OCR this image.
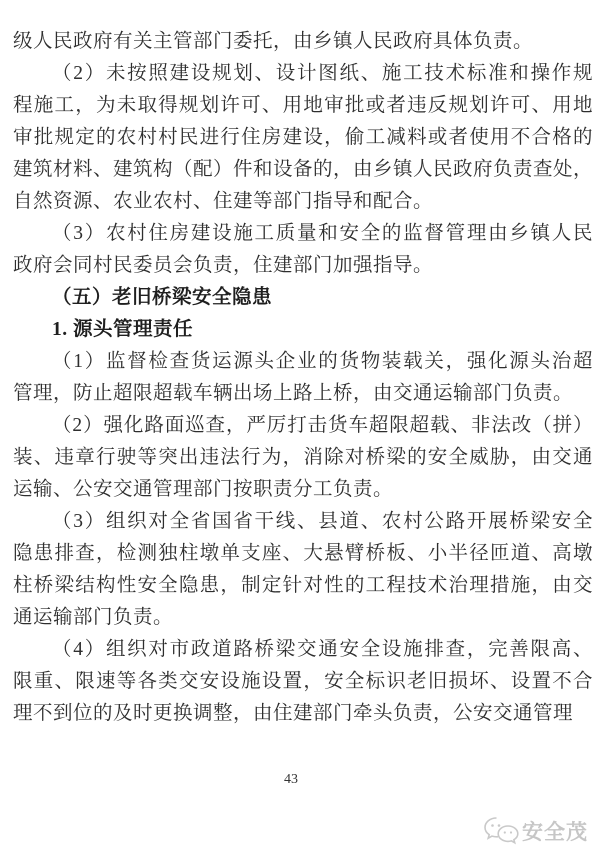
级人民政府有关主管部门委托，由乡镇人民政府具体负责。
（2）未按照建设规划、设计图纸、施工技术标准和操作规
程施工，为未取得规划许可、用地审批或者违反规划许可、用地
审批规定的农村村民进行住房建设，偷工减料或者使用不合格的
建筑材料、建筑构（配）件和设备的，由乡镇人民政府负责查处，
自然资源、农业农村、住建等部门指导和配合。
（3）农村住房建设施工质量和安全的监督管理由乡镇人民
政府会同村民委员会负责，住建部门加强指导。
（五）老旧桥梁安全隐患
1. 源头管理责任
（1）监督检查货运源头企业的货物装载关，强化源头治超
管理，防止超限超载车辆出场上路上桥，由交通运输部门负责。
（2）强化路面巡查，严厉打击货车超限超载、非法改（拼）
装、违章行驶等突出违法行为，消除对桥梁的安全威胁，由交通
运输、公安交通管理部门按职责分工负责。
（3）组织对全省国省干线、县道、农村公路开展桥梁安全
隐患排查，检测独柱墩单支座、大悬臂桥板、小半径匝道、高墩
柱桥梁结构性安全隐患，制定针对性的工程技术治理措施，由交
通运输部门负责。
（4）组织对市政道路桥梁交通安全设施排查，完善限高、
限重、限速等各类交安设施设置，安全标识老旧损坏、设置不合
理不到位的及时更换调整，由住建部门牵头负责，公安交通管理
43
安全茂
